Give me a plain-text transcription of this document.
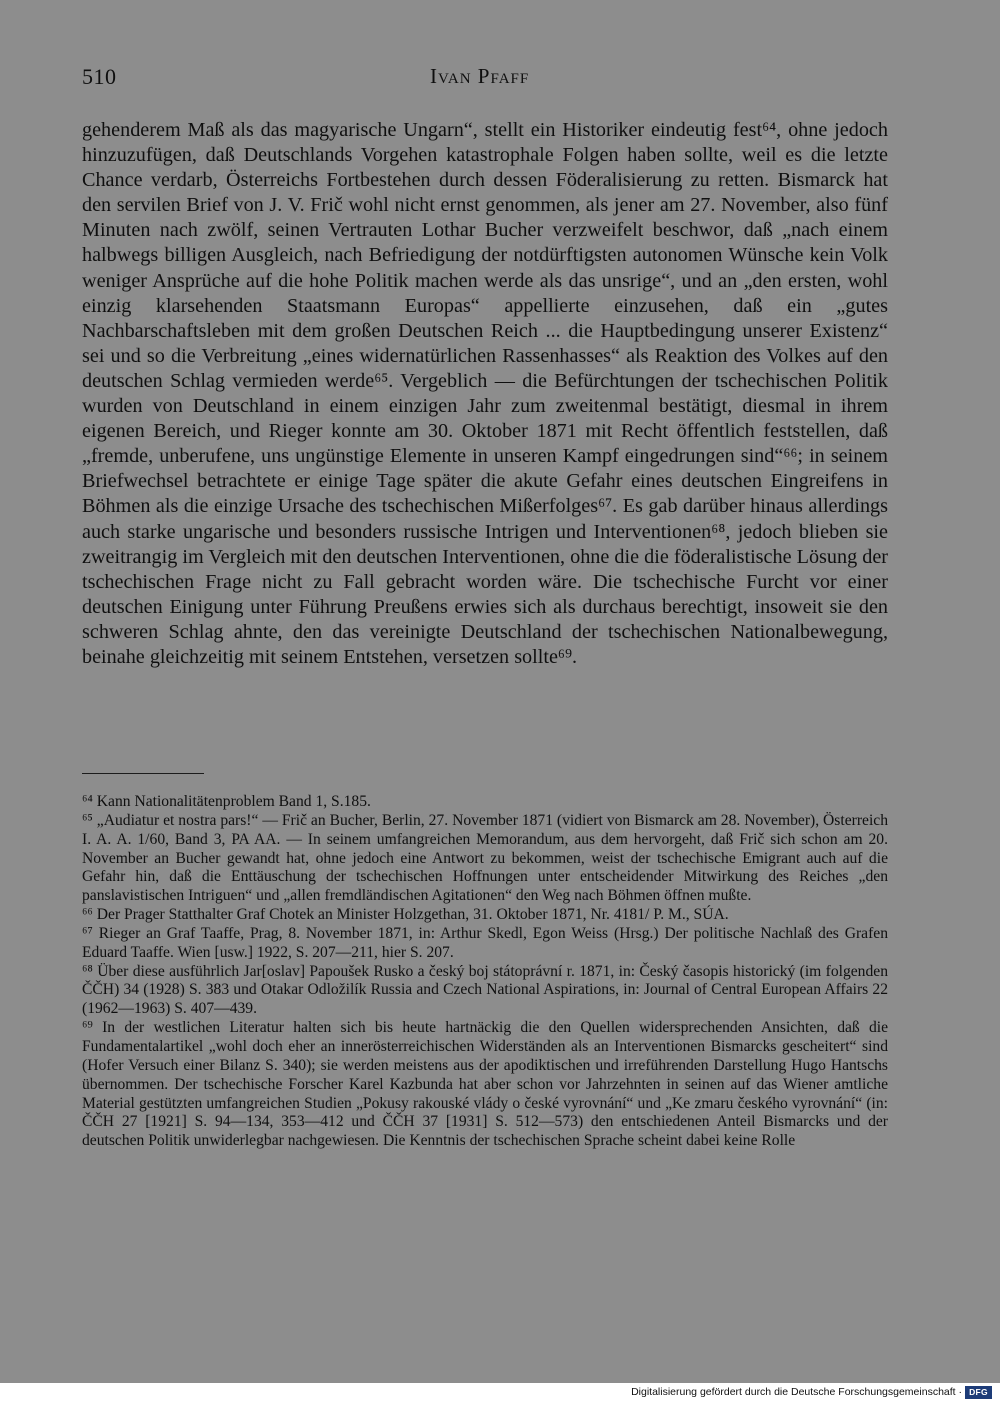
510	Ivan Pfaff

gehenderem Maß als das magyarische Ungarn“, stellt ein Historiker eindeutig fest⁶⁴, ohne jedoch hinzuzufügen, daß Deutschlands Vorgehen katastrophale Folgen haben sollte, weil es die letzte Chance verdarb, Österreichs Fortbestehen durch dessen Föderalisierung zu retten. Bismarck hat den servilen Brief von J. V. Frič wohl nicht ernst genommen, als jener am 27. November, also fünf Minuten nach zwölf, seinen Vertrauten Lothar Bucher verzweifelt beschwor, daß „nach einem halbwegs billigen Ausgleich, nach Befriedigung der notdürftigsten autonomen Wünsche kein Volk weniger Ansprüche auf die hohe Politik machen werde als das unsrige“, und an „den ersten, wohl einzig klarsehenden Staatsmann Europas“ appellierte einzusehen, daß ein „gutes Nachbarschaftsleben mit dem großen Deutschen Reich ... die Hauptbedingung unserer Existenz“ sei und so die Verbreitung „eines widernatürlichen Rassenhasses“ als Reaktion des Volkes auf den deutschen Schlag vermieden werde⁶⁵. Vergeblich — die Befürchtungen der tschechischen Politik wurden von Deutschland in einem einzigen Jahr zum zweitenmal bestätigt, diesmal in ihrem eigenen Bereich, und Rieger konnte am 30. Oktober 1871 mit Recht öffentlich feststellen, daß „fremde, unberufene, uns ungünstige Elemente in unseren Kampf eingedrungen sind“⁶⁶; in seinem Briefwechsel betrachtete er einige Tage später die akute Gefahr eines deutschen Eingreifens in Böhmen als die einzige Ursache des tschechischen Mißerfolges⁶⁷. Es gab darüber hinaus allerdings auch starke ungarische und besonders russische Intrigen und Interventionen⁶⁸, jedoch blieben sie zweitrangig im Vergleich mit den deutschen Interventionen, ohne die die föderalistische Lösung der tschechischen Frage nicht zu Fall gebracht worden wäre. Die tschechische Furcht vor einer deutschen Einigung unter Führung Preußens erwies sich als durchaus berechtigt, insoweit sie den schweren Schlag ahnte, den das vereinigte Deutschland der tschechischen Nationalbewegung, beinahe gleichzeitig mit seinem Entstehen, versetzen sollte⁶⁹.

⁶⁴ Kann Nationalitätenproblem Band 1, S.185.

⁶⁵ „Audiatur et nostra pars!“ — Frič an Bucher, Berlin, 27. November 1871 (vidiert von Bismarck am 28. November), Österreich I. A. A. 1/60, Band 3, PA AA. — In seinem umfangreichen Memorandum, aus dem hervorgeht, daß Frič sich schon am 20. November an Bucher gewandt hat, ohne jedoch eine Antwort zu bekommen, weist der tschechische Emigrant auch auf die Gefahr hin, daß die Enttäuschung der tschechischen Hoffnungen unter entscheidender Mitwirkung des Reiches „den panslavistischen Intriguen“ und „allen fremdländischen Agitationen“ den Weg nach Böhmen öffnen mußte.

⁶⁶ Der Prager Statthalter Graf Chotek an Minister Holzgethan, 31. Oktober 1871, Nr. 4181/ P. M., SÚA.

⁶⁷ Rieger an Graf Taaffe, Prag, 8. November 1871, in: Arthur Skedl, Egon Weiss (Hrsg.) Der politische Nachlaß des Grafen Eduard Taaffe. Wien [usw.] 1922, S. 207—211, hier S. 207.

⁶⁸ Über diese ausführlich Jar[oslav] Papoušek Rusko a český boj státoprávní r. 1871, in: Český časopis historický (im folgenden ČČH) 34 (1928) S. 383 und Otakar Odložilík Russia and Czech National Aspirations, in: Journal of Central European Affairs 22 (1962—1963) S. 407—439.

⁶⁹ In der westlichen Literatur halten sich bis heute hartnäckig die den Quellen widersprechenden Ansichten, daß die Fundamentalartikel „wohl doch eher an innerösterreichischen Widerständen als an Interventionen Bismarcks gescheitert“ sind (Hofer Versuch einer Bilanz S. 340); sie werden meistens aus der apodiktischen und irreführenden Darstellung Hugo Hantschs übernommen. Der tschechische Forscher Karel Kazbunda hat aber schon vor Jahrzehnten in seinen auf das Wiener amtliche Material gestützten umfangreichen Studien „Pokusy rakouské vlády o české vyrovnání“ und „Ke zmaru českého vyrovnání“ (in: ČČH 27 [1921] S. 94—134, 353—412 und ČČH 37 [1931] S. 512—573) den entschiedenen Anteil Bismarcks und der deutschen Politik unwiderlegbar nachgewiesen. Die Kenntnis der tschechischen Sprache scheint dabei keine Rolle

Digitalisierung gefördert durch die Deutsche Forschungsgemeinschaft · DFG
